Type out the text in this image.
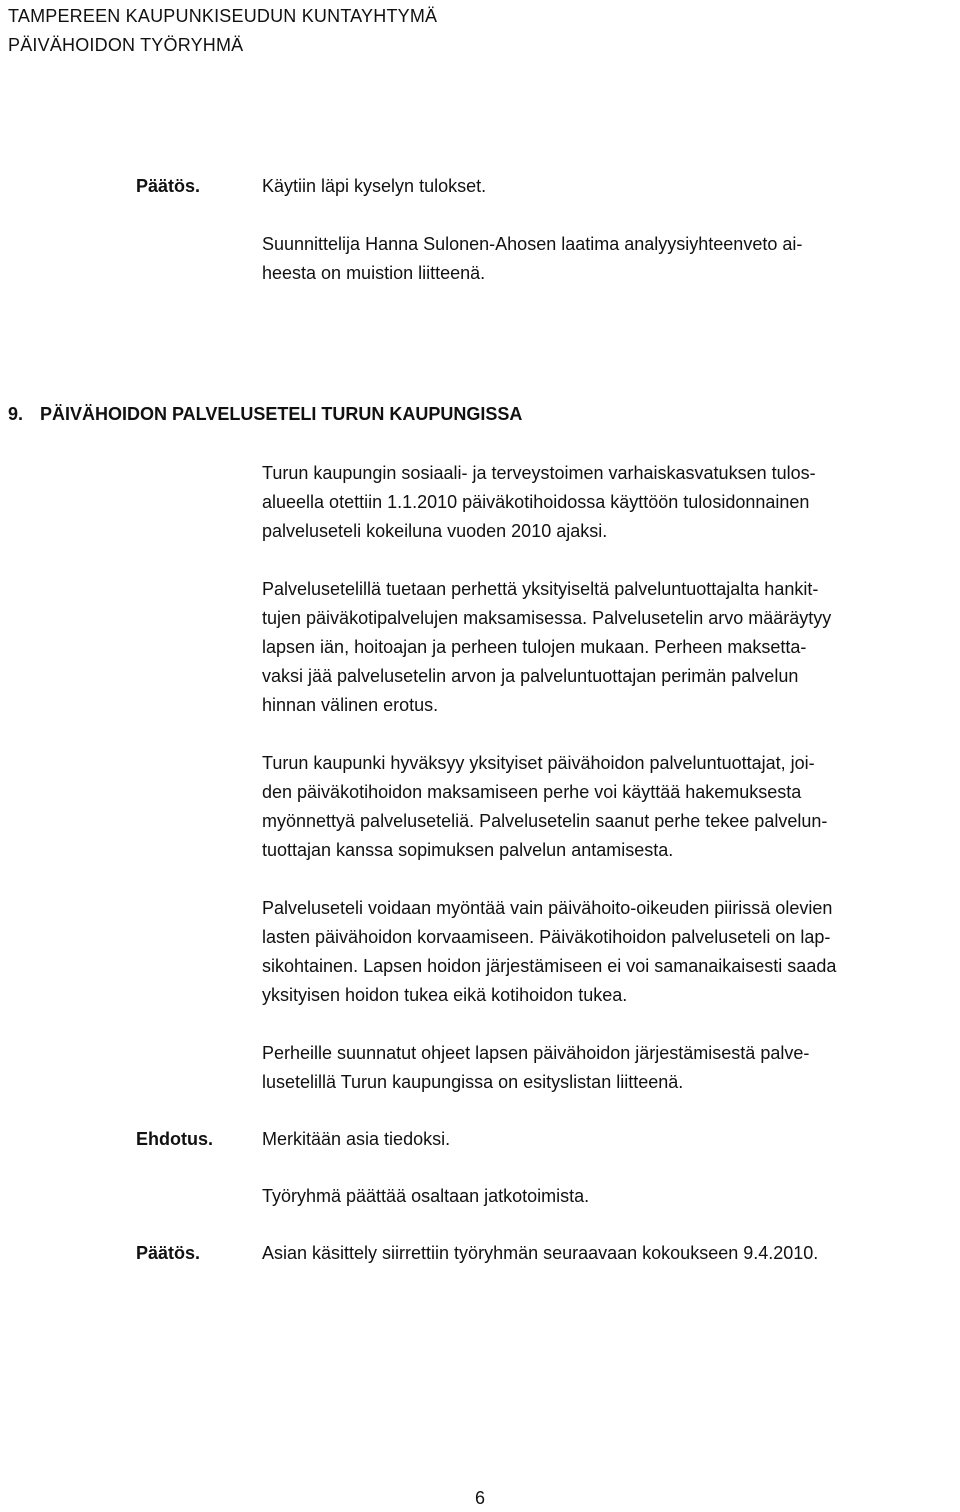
TAMPEREEN KAUPUNKISEUDUN KUNTAYHTYMÄ
PÄIVÄHOIDON TYÖRYHMÄ
Päätös.	Käytiin läpi kyselyn tulokset.

Suunnittelija Hanna Sulonen-Ahosen laatima analyysiyhteenveto ai-

heesta on muistion liitteenä.

9. PÄIVÄHOIDON PALVELUSETELI TURUN KAUPUNGISSA

Turun kaupungin sosiaali- ja terveystoimen varhaiskasvatuksen tulos-

alueella otettiin 1.1.2010 päiväkotihoidossa käyttöön tulosidonnainen

palveluseteli kokeiluna vuoden 2010 ajaksi.

Palvelusetelillä tuetaan perhettä yksityiseltä palveluntuottajalta hankit-

tujen päiväkotipalvelujen maksamisessa. Palvelusetelin arvo määräytyy

lapsen iän, hoitoajan ja perheen tulojen mukaan. Perheen maksetta-

vaksi jää palvelusetelin arvon ja palveluntuottajan perimän palvelun

hinnan välinen erotus.

Turun kaupunki hyväksyy yksityiset päivähoidon palveluntuottajat, joi-

den päiväkotihoidon maksamiseen perhe voi käyttää hakemuksesta

myönnettyä palveluseteliä. Palvelusetelin saanut perhe tekee palvelun-

tuottajan kanssa sopimuksen palvelun antamisesta.

Palveluseteli voidaan myöntää vain päivähoito-oikeuden piirissä olevien

lasten päivähoidon korvaamiseen. Päiväkotihoidon palveluseteli on lap-

sikohtainen. Lapsen hoidon järjestämiseen ei voi samanaikaisesti saada

yksityisen hoidon tukea eikä kotihoidon tukea.

Perheille suunnatut ohjeet lapsen päivähoidon järjestämisestä palve-

lusetelillä Turun kaupungissa on esityslistan liitteenä.

Ehdotus.	Merkitään asia tiedoksi.

Työryhmä päättää osaltaan jatkotoimista.

Päätös.	Asian käsittely siirrettiin työryhmän seuraavaan kokoukseen 9.4.2010.

6
